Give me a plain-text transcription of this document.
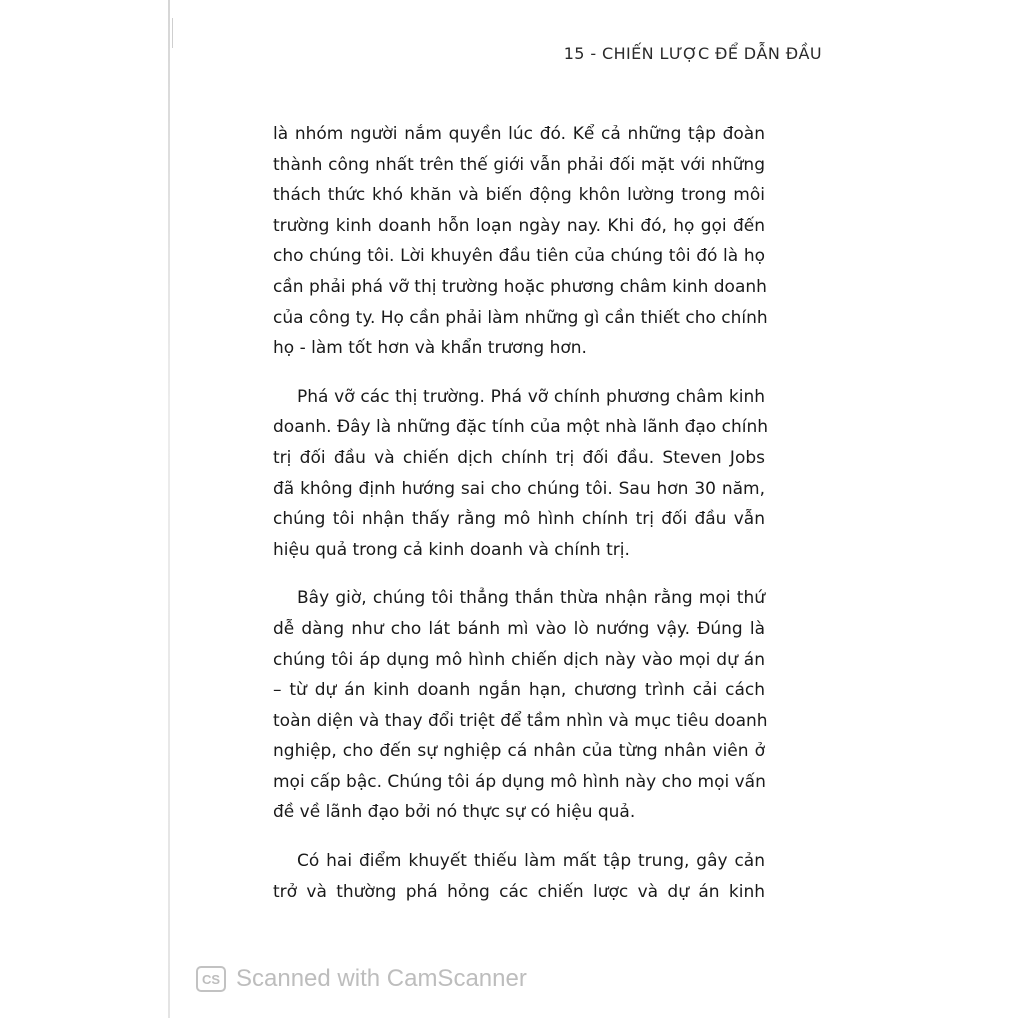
15 - CHIẾN LƯỢC ĐỂ DẪN ĐẦU

là nhóm người nắm quyền lúc đó. Kể cả những tập đoàn
thành công nhất trên thế giới vẫn phải đối mặt với những
thách thức khó khăn và biến động khôn lường trong môi
trường kinh doanh hỗn loạn ngày nay. Khi đó, họ gọi đến
cho chúng tôi. Lời khuyên đầu tiên của chúng tôi đó là họ
cần phải phá vỡ thị trường hoặc phương châm kinh doanh
của công ty. Họ cần phải làm những gì cần thiết cho chính
họ - làm tốt hơn và khẩn trương hơn.

Phá vỡ các thị trường. Phá vỡ chính phương châm kinh
doanh. Đây là những đặc tính của một nhà lãnh đạo chính
trị đối đầu và chiến dịch chính trị đối đầu. Steven Jobs
đã không định hướng sai cho chúng tôi. Sau hơn 30 năm,
chúng tôi nhận thấy rằng mô hình chính trị đối đầu vẫn
hiệu quả trong cả kinh doanh và chính trị.

Bây giờ, chúng tôi thẳng thắn thừa nhận rằng mọi thứ
dễ dàng như cho lát bánh mì vào lò nướng vậy. Đúng là
chúng tôi áp dụng mô hình chiến dịch này vào mọi dự án
– từ dự án kinh doanh ngắn hạn, chương trình cải cách
toàn diện và thay đổi triệt để tầm nhìn và mục tiêu doanh
nghiệp, cho đến sự nghiệp cá nhân của từng nhân viên ở
mọi cấp bậc. Chúng tôi áp dụng mô hình này cho mọi vấn
đề về lãnh đạo bởi nó thực sự có hiệu quả.

Có hai điểm khuyết thiếu làm mất tập trung, gây cản
trở và thường phá hỏng các chiến lược và dự án kinh

CS Scanned with CamScanner
